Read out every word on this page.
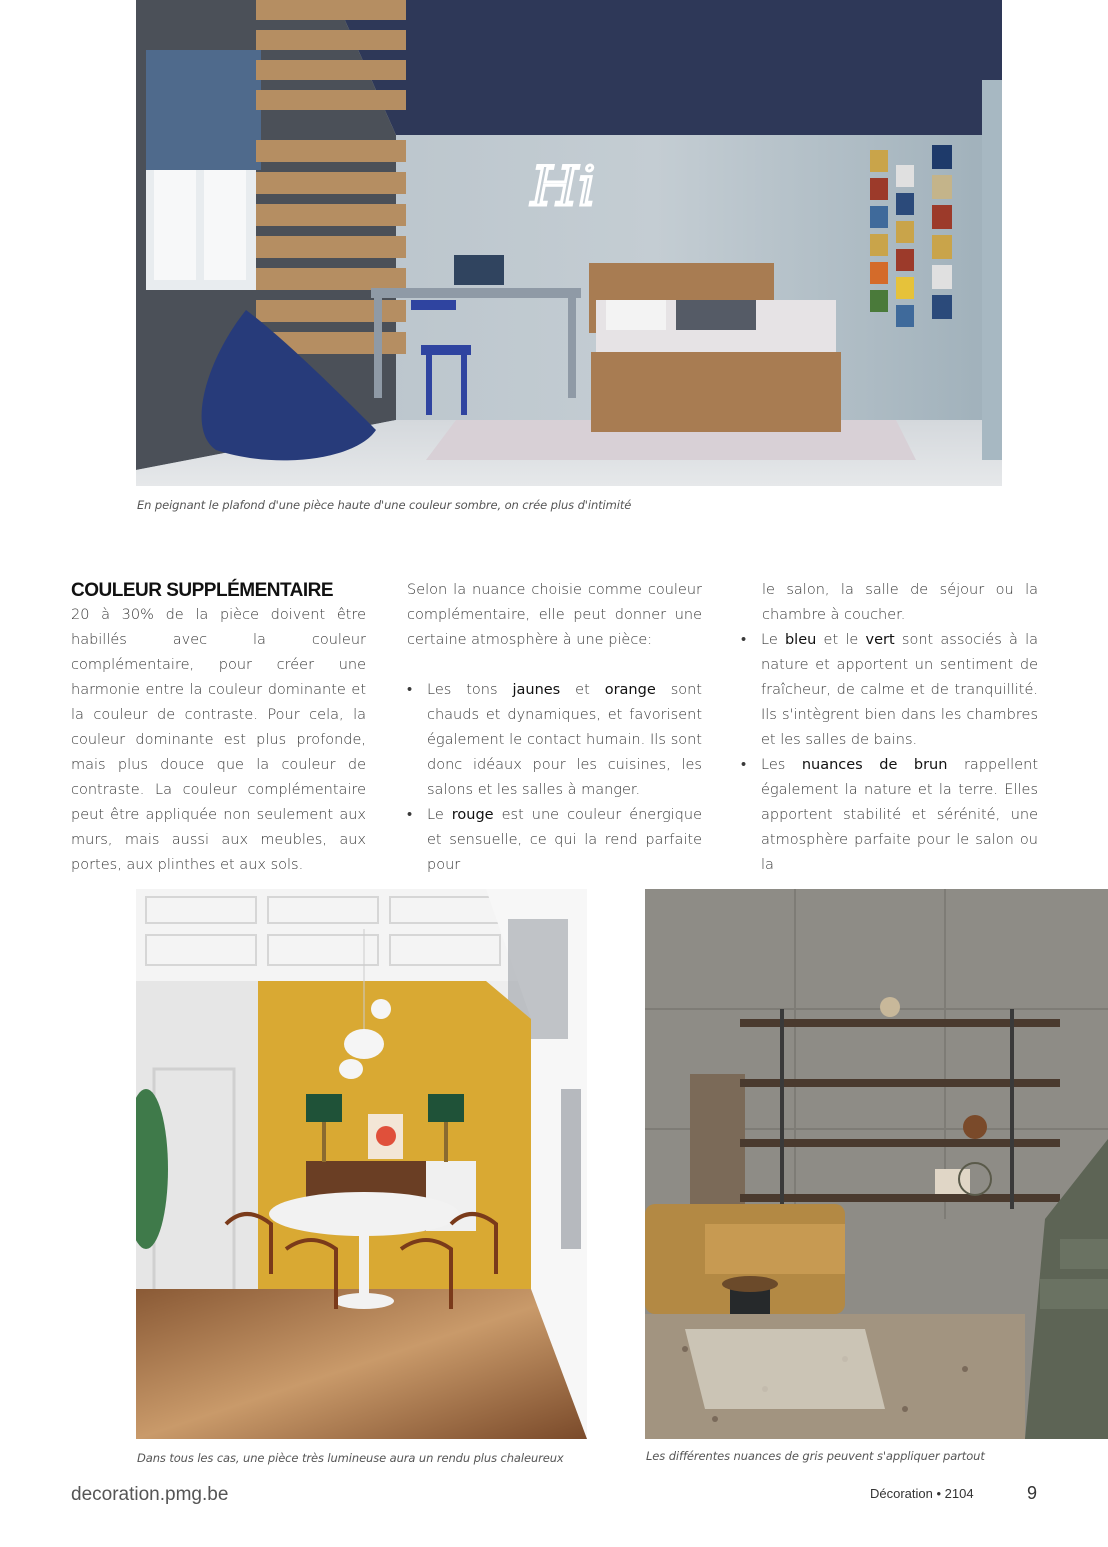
Hi
En peignant le plafond d'une pièce haute d'une couleur sombre, on crée plus d'intimité
COULEUR SUPPLÉMENTAIRE

20 à 30% de la pièce doivent être habillés avec la couleur complémentaire, pour créer une harmonie entre la couleur dominante et la couleur de contraste. Pour cela, la couleur dominante est plus profonde, mais plus douce que la couleur de contraste. La couleur complémentaire peut être appliquée non seulement aux murs, mais aussi aux meubles, aux portes, aux plinthes et aux sols.

Selon la nuance choisie comme couleur complémentaire, elle peut donner une certaine atmosphère à une pièce:

• Les tons jaunes et orange sont chauds et dynamiques, et favorisent également le contact humain. Ils sont donc idéaux pour les cuisines, les salons et les salles à manger.
• Le rouge est une couleur énergique et sensuelle, ce qui la rend parfaite pour

le salon, la salle de séjour ou la chambre à coucher.

• Le bleu et le vert sont associés à la nature et apportent un sentiment de fraîcheur, de calme et de tranquillité. Ils s'intègrent bien dans les chambres et les salles de bains.
• Les nuances de brun rappellent également la nature et la terre. Elles apportent stabilité et sérénité, une atmosphère parfaite pour le salon ou la
Dans tous les cas, une pièce très lumineuse aura un rendu plus chaleureux	Les différentes nuances de gris peuvent s'appliquer partout
decoration.pmg.be	Décoration • 2104	9
